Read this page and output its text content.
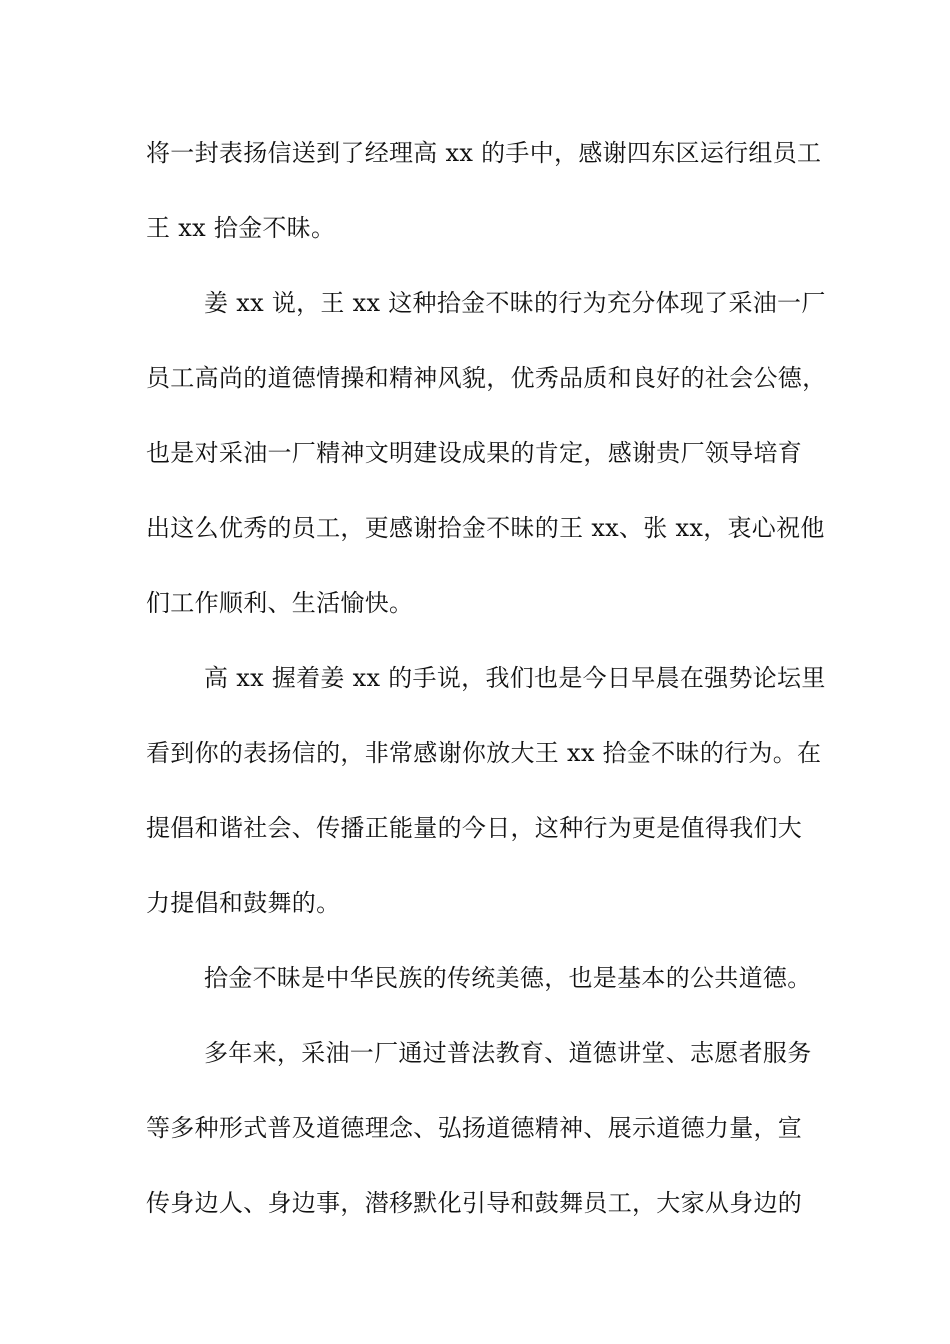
将一封表扬信送到了经理高 xx 的手中，感谢四东区运行组员工
王 xx 拾金不昧。
姜 xx 说，王 xx 这种拾金不昧的行为充分体现了采油一厂
员工高尚的道德情操和精神风貌，优秀品质和良好的社会公德，
也是对采油一厂精神文明建设成果的肯定，感谢贵厂领导培育
出这么优秀的员工，更感谢拾金不昧的王 xx、张 xx，衷心祝他
们工作顺利、生活愉快。
高 xx 握着姜 xx 的手说，我们也是今日早晨在强势论坛里
看到你的表扬信的，非常感谢你放大王 xx 拾金不昧的行为。在
提倡和谐社会、传播正能量的今日，这种行为更是值得我们大
力提倡和鼓舞的。
拾金不昧是中华民族的传统美德，也是基本的公共道德。
多年来，采油一厂通过普法教育、道德讲堂、志愿者服务
等多种形式普及道德理念、弘扬道德精神、展示道德力量，宣
传身边人、身边事，潜移默化引导和鼓舞员工，大家从身边的
